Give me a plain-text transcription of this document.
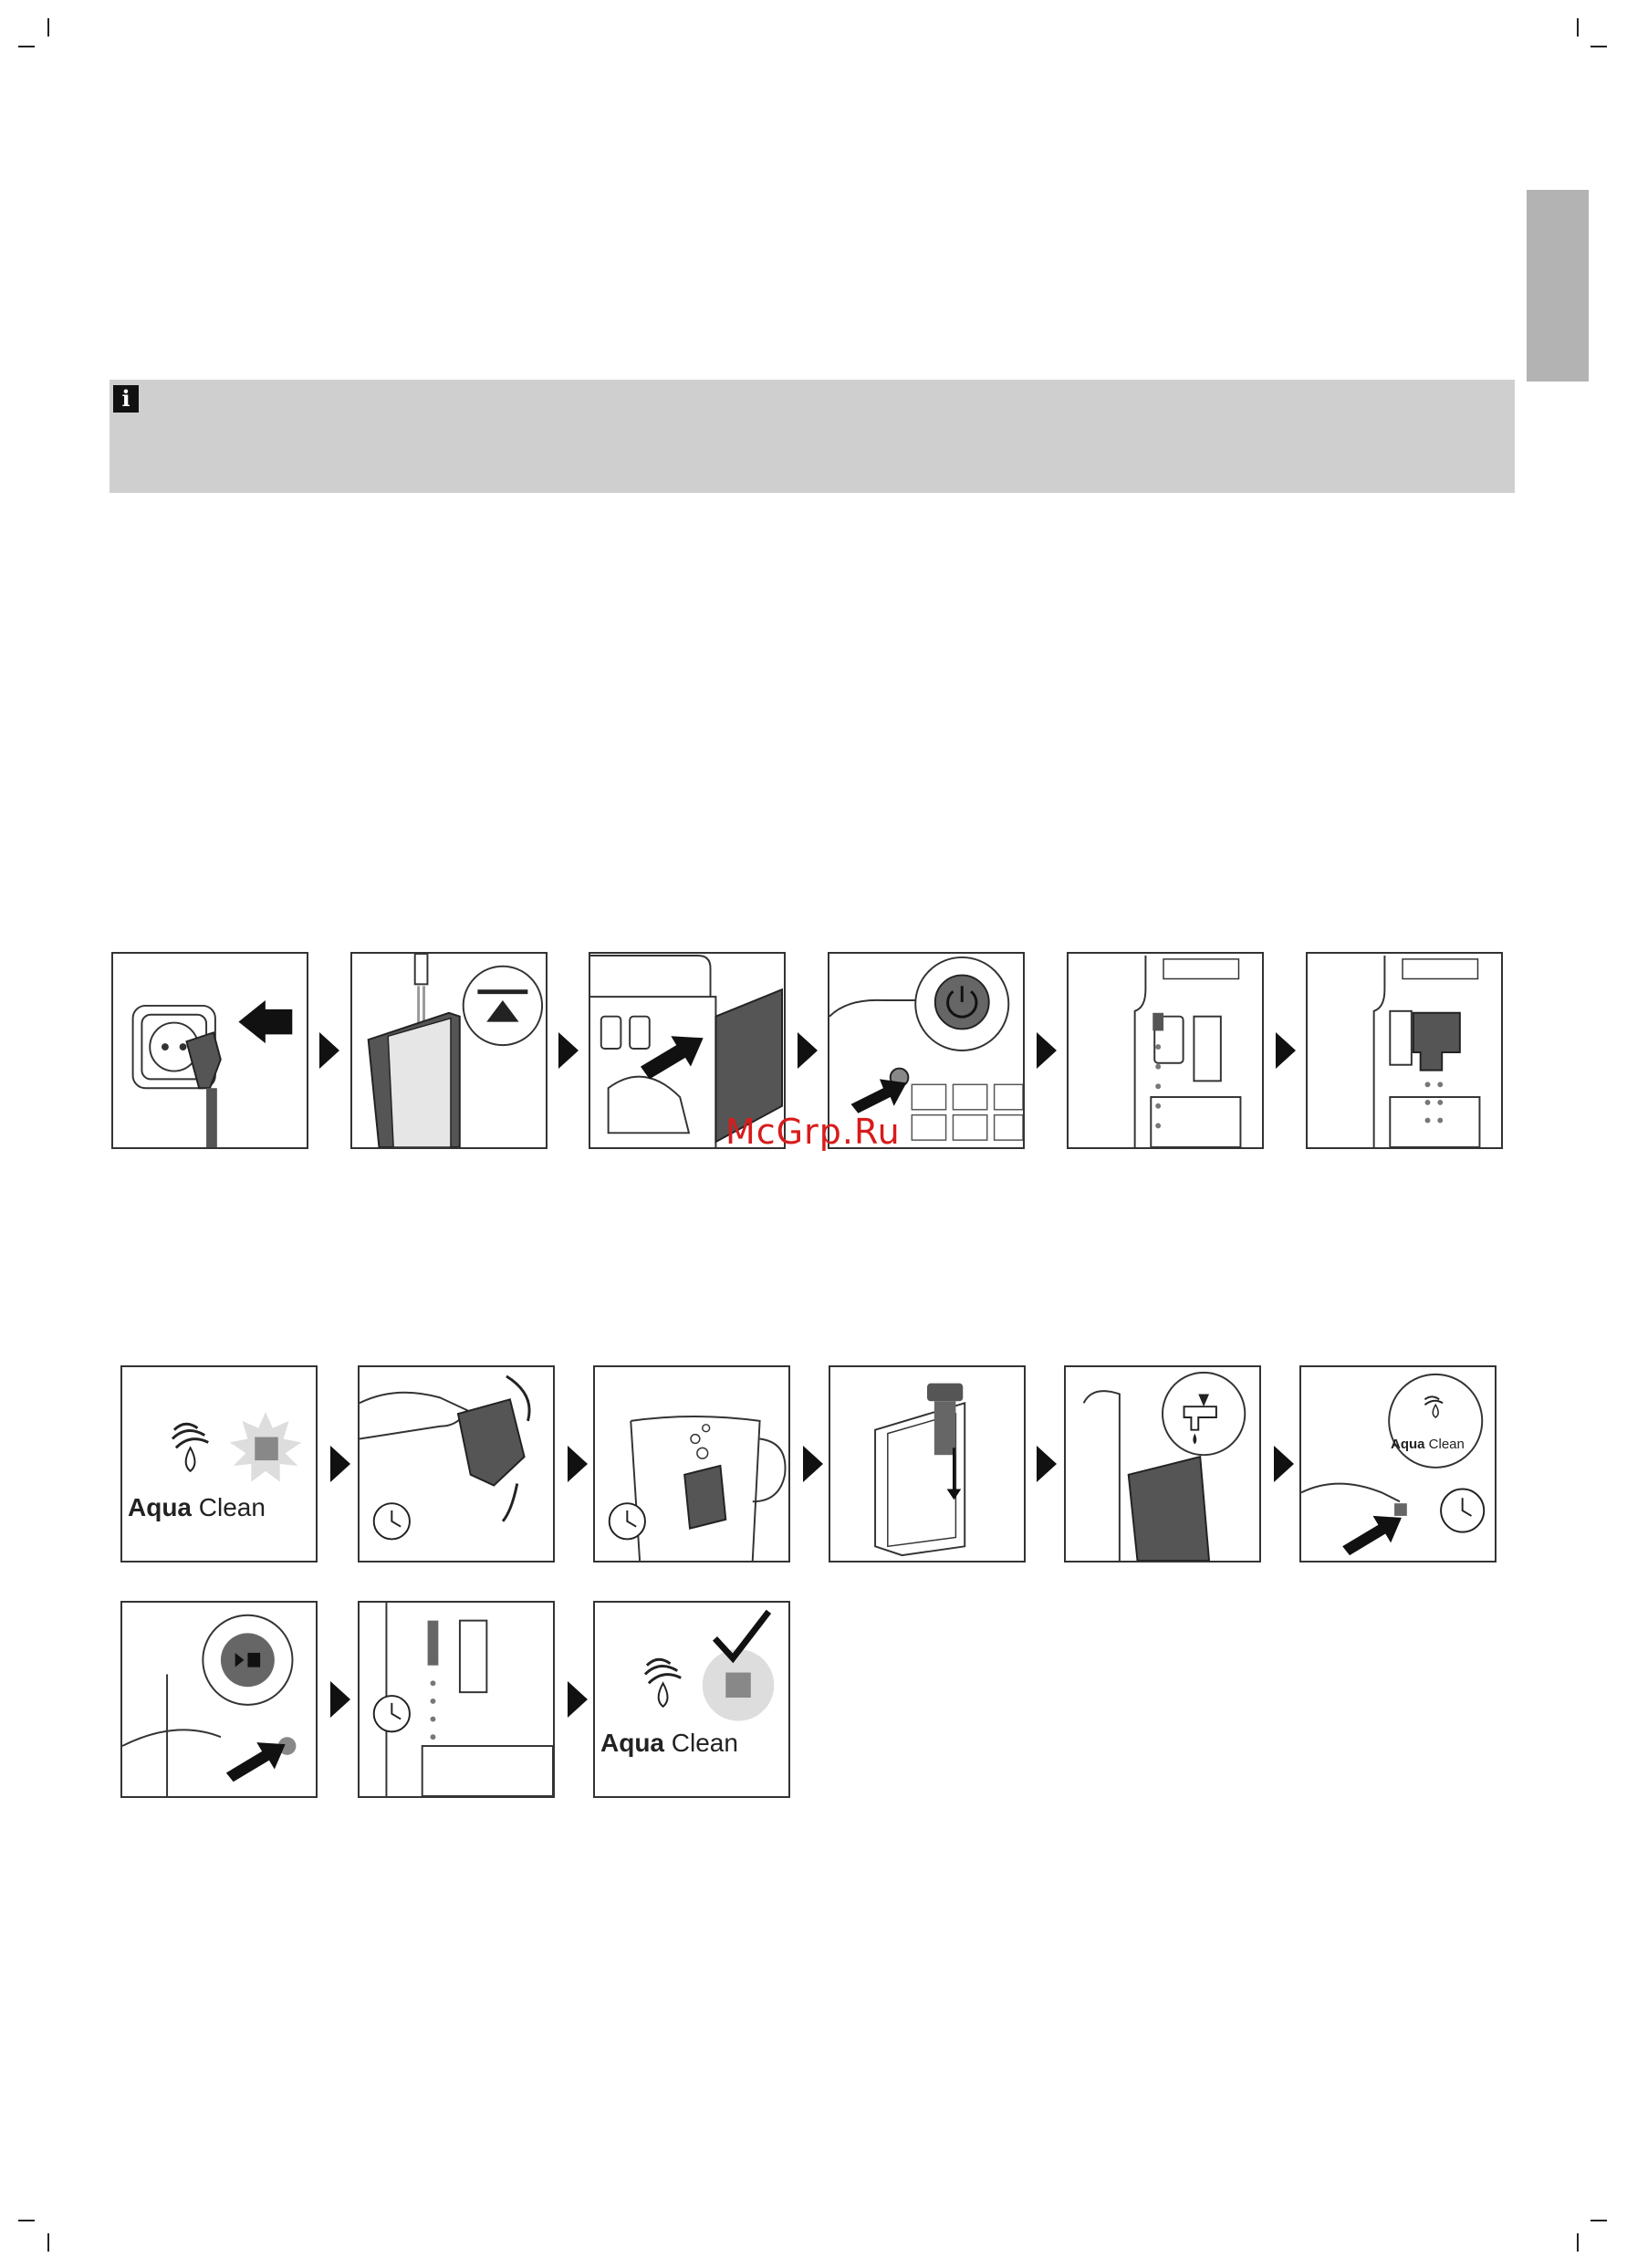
i
Aqua Clean
Aqua Clean
Aqua Clean
McGrp.Ru
